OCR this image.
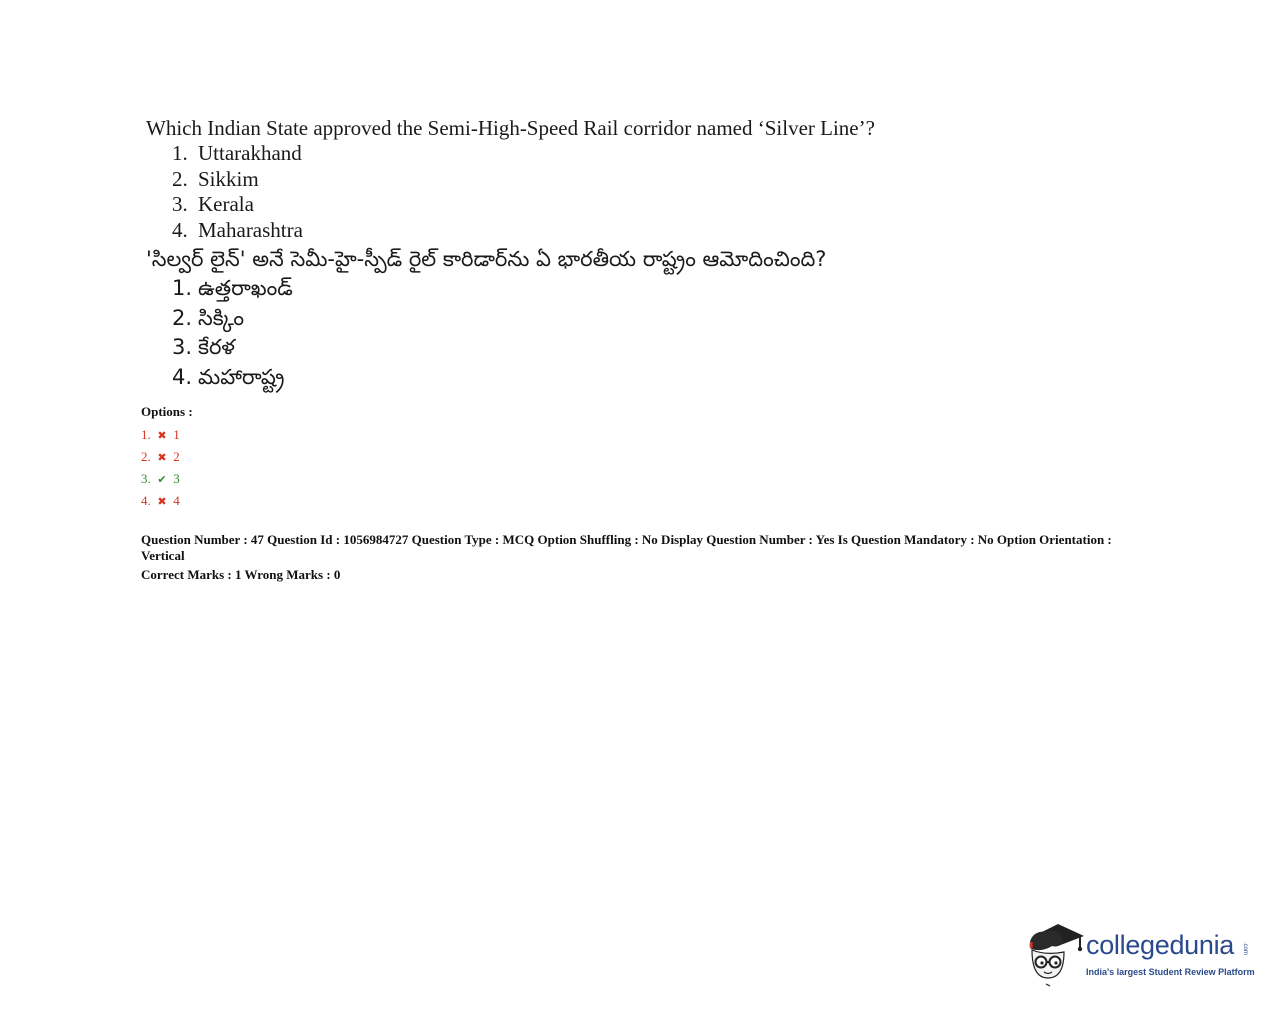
Which Indian State approved the Semi-High-Speed Rail corridor named ‘Silver Line’?

1. Uttarakhand
2. Sikkim
3. Kerala
4. Maharashtra

'సిల్వర్ లైన్' అనే సెమీ-హై-స్పీడ్ రైల్ కారిడార్‌ను ఏ భారతీయ రాష్ట్రం ఆమోదించింది?

1. ఉత్తరాఖండ్
2. సిక్కిం
3. కేరళ
4. మహారాష్ట్ర
Options :
1. ✖ 1
2. ✖ 2
3. ✔ 3
4. ✖ 4

Question Number : 47 Question Id : 1056984727 Question Type : MCQ Option Shuffling : No Display Question Number : Yes Is Question Mandatory : No Option Orientation : Vertical

Correct Marks : 1 Wrong Marks : 0

collegedunia .com
India's largest Student Review Platform
